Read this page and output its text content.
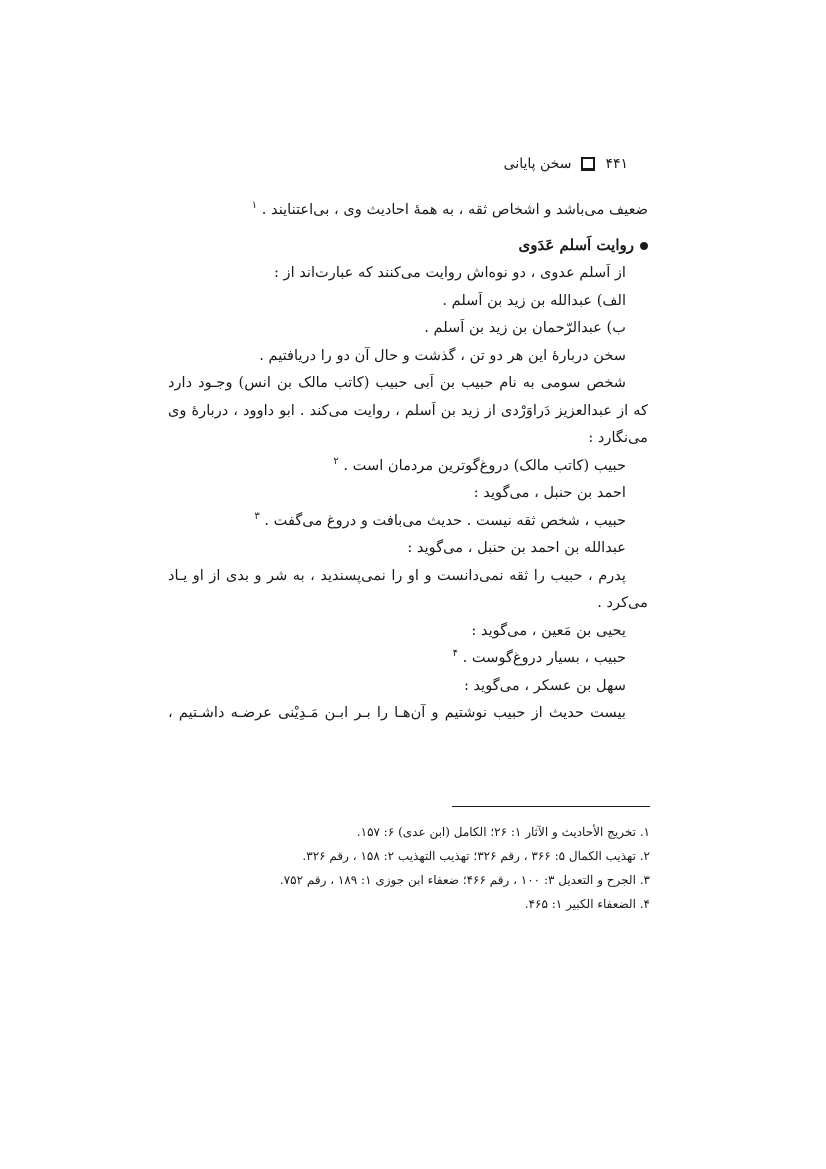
سخن پایانی ۴۴۱
ضعیف می‌باشد و اشخاص ثقه ، به همهٔ احادیث وی ، بی‌اعتنایند . $^۱$
روایت اَسلم عَدَوی
از اَسلم عدوی ، دو نوه‌اش روایت می‌کنند که عبارت‌اند از :
الف) عبدالله بن زید بن اَسلم .
ب) عبدالرّحمان بن زید بن اَسلم .
سخن دربارهٔ این هر دو تن ، گذشت و حال آن دو را دریافتیم .
شخص سومی به نام حبیب بن اَبی حبیب (کاتب مالک بن انس) وجـود دارد
که از عبدالعزیز دَراوَرْدی از زید بن اَسلم ، روایت می‌کند . ابو داوود ، دربارهٔ وی
می‌نگارد :
حبیب (کاتب مالک) دروغ‌گوترین مردمان است . $^۲$
احمد بن حنبل ، می‌گوید :
حبیب ، شخص ثقه نیست . حدیث می‌بافت و دروغ می‌گفت . $^۳$
عبدالله بن احمد بن حنبل ، می‌گوید :
پدرم ، حبیب را ثقه نمی‌دانست و او را نمی‌پسندید ، به شر و بدی از او یـاد
می‌کرد .
یحیی بن مَعین ، می‌گوید :
حبیب ، بسیار دروغ‌گوست . $^۴$
سهل بن عسکر ، می‌گوید :
بیست حدیث از حبیب نوشتیم و آن‌هـا را بـر ابـن مَـدِیْنی عرضـه داشـتیم ،
۱. تخریج الأحادیث و الآثار ۱: ۲۶؛ الکامل (ابن عدی) ۶: ۱۵۷.
۲. تهذیب الکمال ۵: ۳۶۶ ، رقم ۳۲۶؛ تهذیب التهذیب ۲: ۱۵۸ ، رقم ۳۲۶.
۳. الجرح و التعدیل ۳: ۱۰۰ ، رقم ۴۶۶؛ ضعفاء ابن جوزی ۱: ۱۸۹ ، رقم ۷۵۲.
۴. الضعفاء الکبیر ۱: ۴۶۵.
